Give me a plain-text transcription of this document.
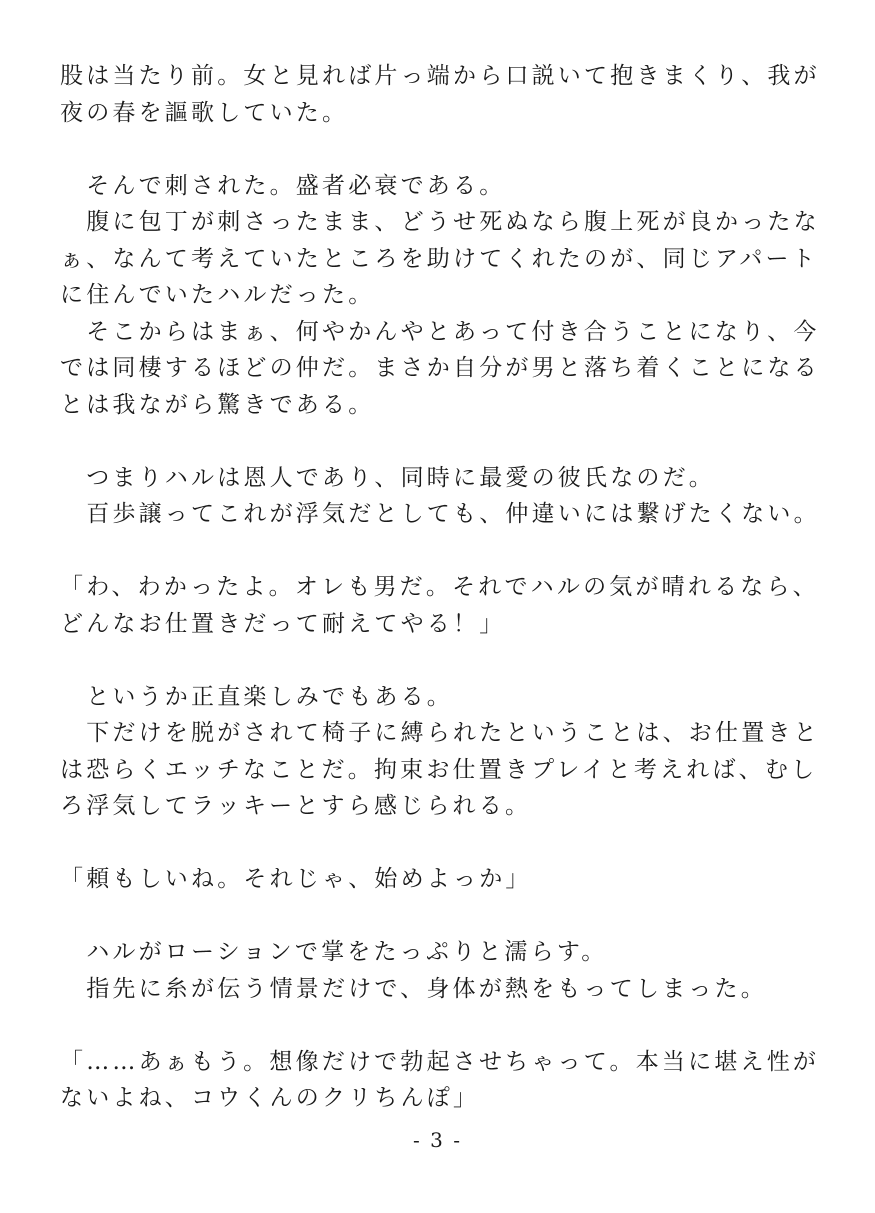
股は当たり前。女と見れば片っ端から口説いて抱きまくり、我が
夜の春を謳歌していた。
　そんで刺された。盛者必衰である。
　腹に包丁が刺さったまま、どうせ死ぬなら腹上死が良かったな
ぁ、なんて考えていたところを助けてくれたのが、同じアパート
に住んでいたハルだった。
　そこからはまぁ、何やかんやとあって付き合うことになり、今
では同棲するほどの仲だ。まさか自分が男と落ち着くことになる
とは我ながら驚きである。
　つまりハルは恩人であり、同時に最愛の彼氏なのだ。
　百歩譲ってこれが浮気だとしても、仲違いには繋げたくない。
「わ、わかったよ。オレも男だ。それでハルの気が晴れるなら、
どんなお仕置きだって耐えてやる！」
　というか正直楽しみでもある。
　下だけを脱がされて椅子に縛られたということは、お仕置きと
は恐らくエッチなことだ。拘束お仕置きプレイと考えれば、むし
ろ浮気してラッキーとすら感じられる。
「頼もしいね。それじゃ、始めよっか」
　ハルがローションで掌をたっぷりと濡らす。
　指先に糸が伝う情景だけで、身体が熱をもってしまった。
「……あぁもう。想像だけで勃起させちゃって。本当に堪え性が
ないよね、コウくんのクリちんぽ」
- 3 -
